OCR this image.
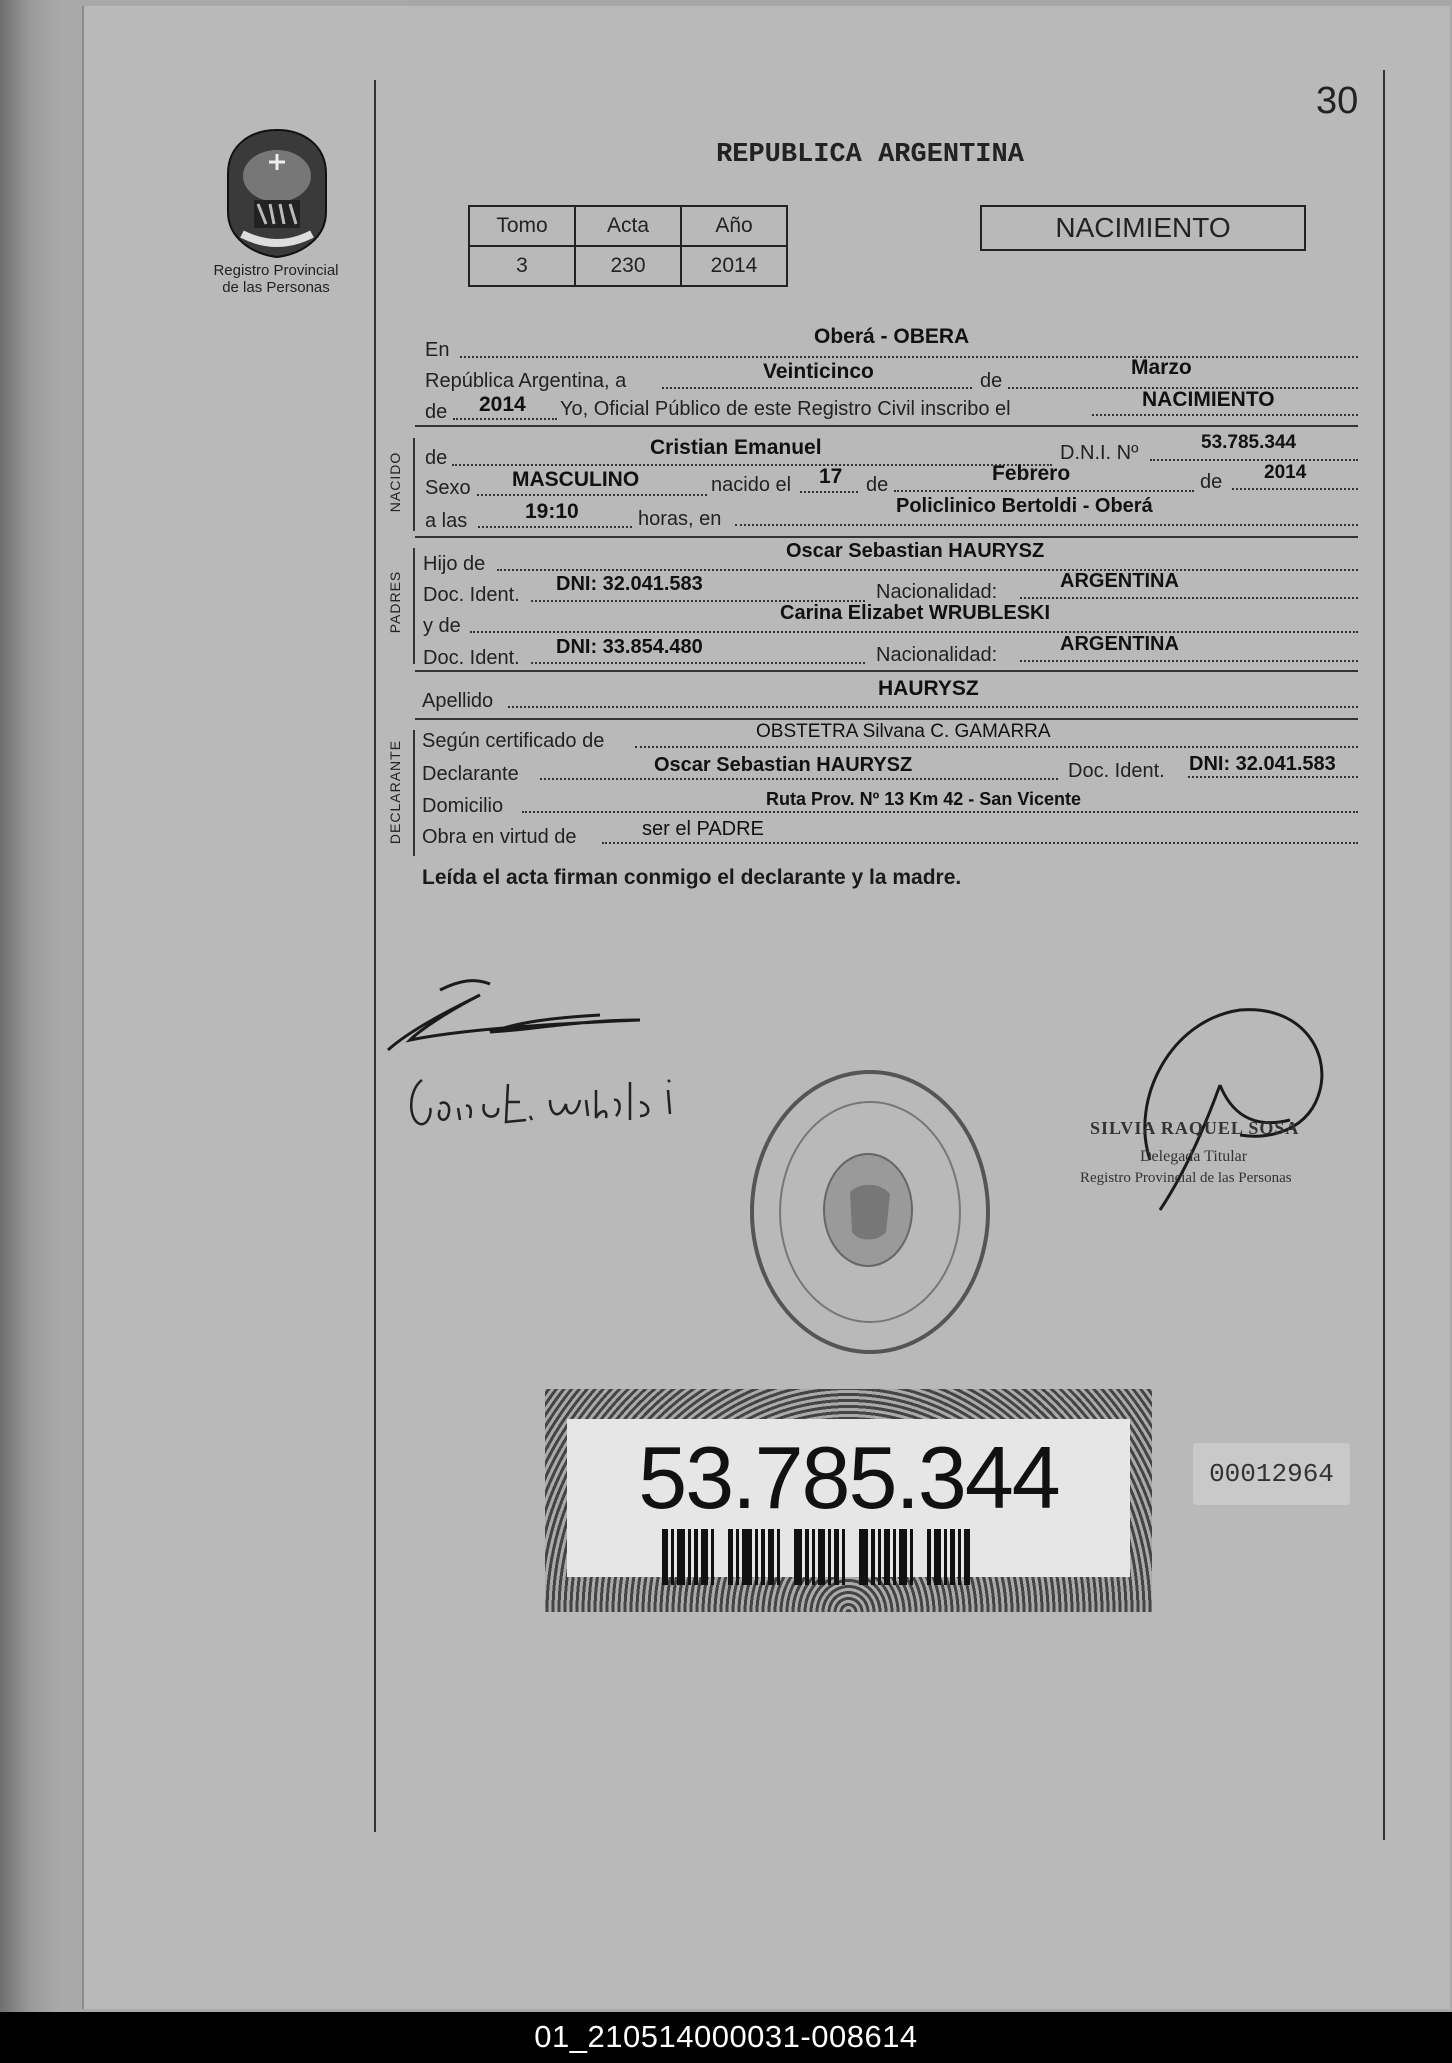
30
Registro Provincial
de las Personas
REPUBLICA ARGENTINA
Tomo	Acta	Año
3	230	2014
NACIMIENTO
En
Oberá - OBERA
República Argentina, a	Veinticinco	de
Marzo
de 2014 Yo, Oficial Público de este Registro Civil inscribo el	NACIMIENTO
NACIDO de	Cristian Emanuel	D.N.I. Nº	53.785.344
Sexo MASCULINO	nacido el 17 de	Febrero	de 2014
a las	19:10	horas, en
Policlinico Bertoldi - Oberá
PADRES
Hijo de
Oscar Sebastian HAURYSZ
Doc. Ident. DNI: 32.041.583	Nacionalidad:	ARGENTINA
y de
Carina Elizabet WRUBLESKI
Doc. Ident. DNI: 33.854.480	Nacionalidad:	ARGENTINA
Apellido
HAURYSZ
DECLARANTE Según certificado de	OBSTETRA Silvana C. GAMARRA
Declarante	Oscar Sebastian HAURYSZ	Doc. Ident. DNI: 32.041.583
Domicilio	Ruta Prov. Nº 13 Km 42 - San Vicente
Obra en virtud de	ser el PADRE
Leída el acta firman conmigo el declarante y la madre.
SILVIA RAQUEL SOSA
Delegada Titular
Registro Provincial de las Personas
53.785.344	00012964
01_210514000031-008614
